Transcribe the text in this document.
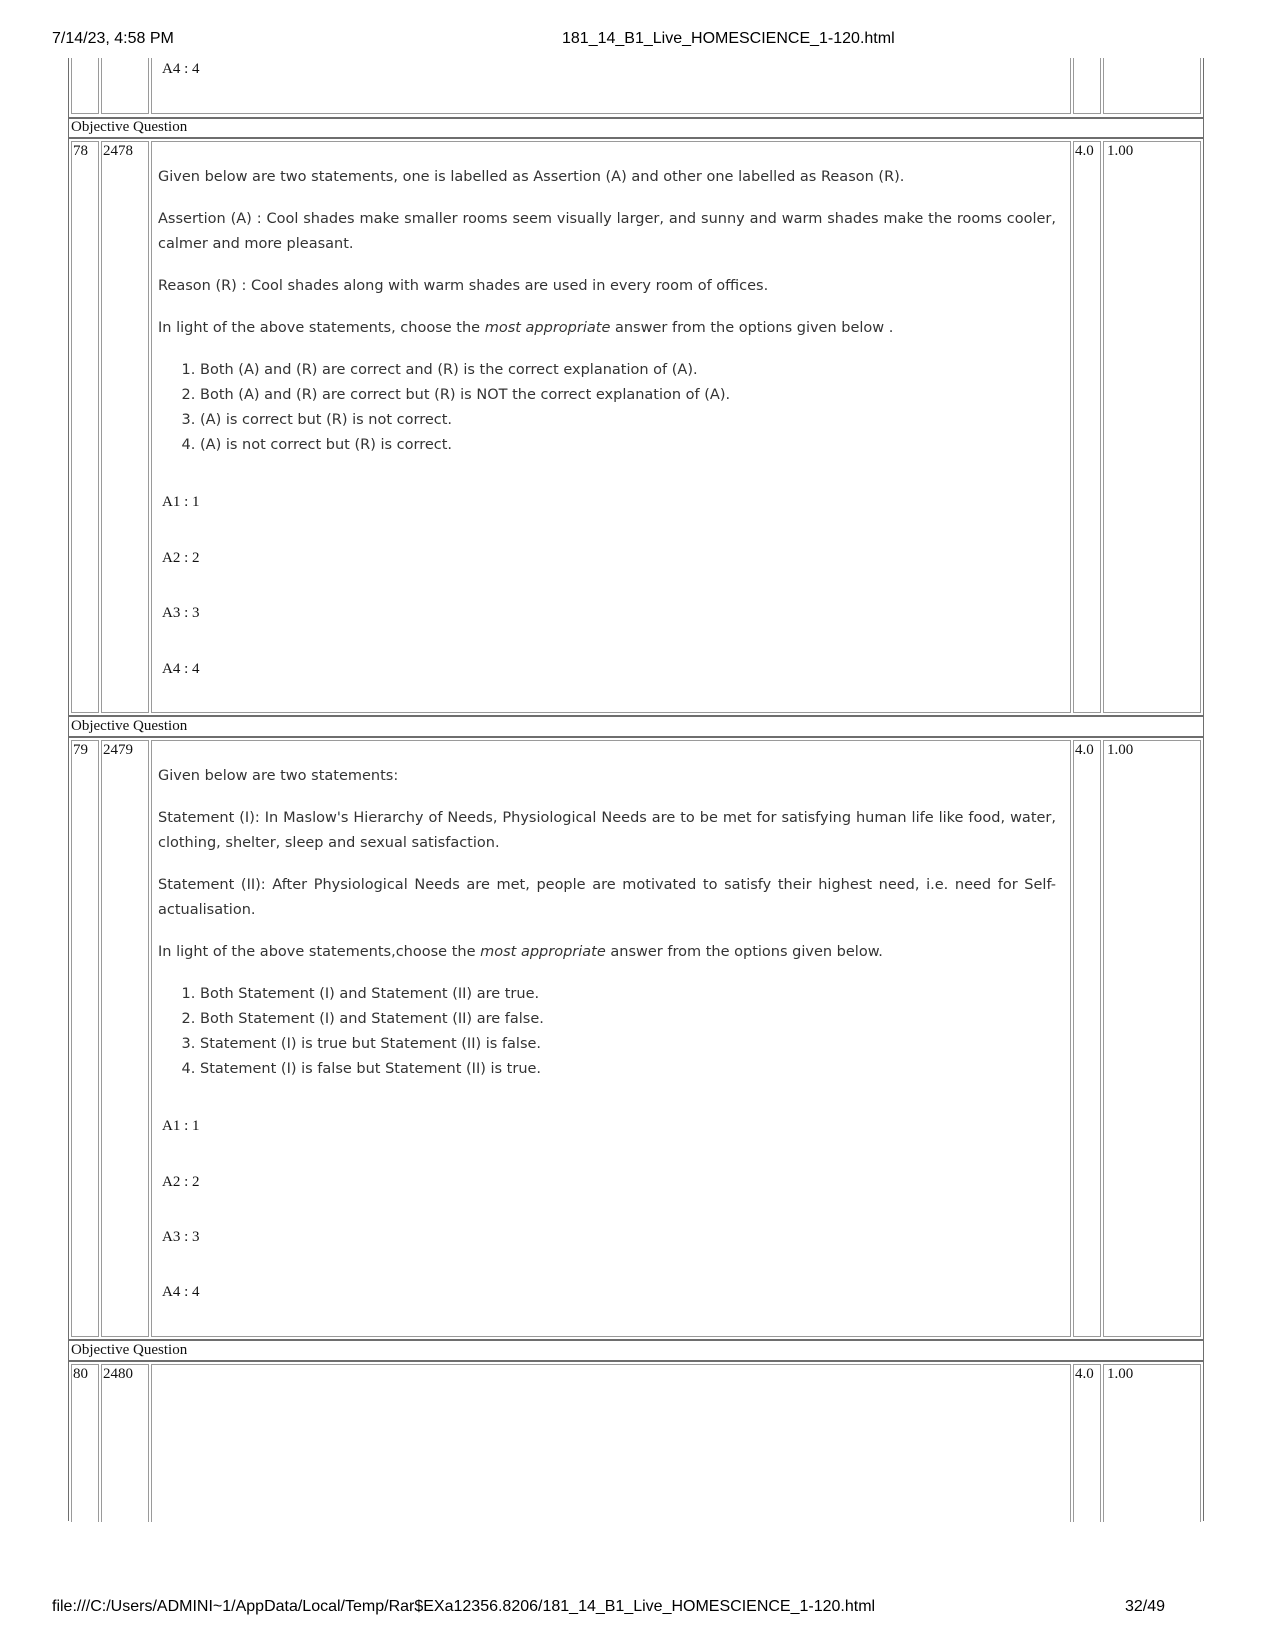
7/14/23, 4:58 PM	181_14_B1_Live_HOMESCIENCE_1-120.html
A4 : 4
Objective Question
78 2478

Given below are two statements, one is labelled as Assertion (A) and other one labelled as Reason (R).

Assertion (A) : Cool shades make smaller rooms seem visually larger, and sunny and warm shades make the rooms cooler, calmer and more pleasant.

Reason (R) : Cool shades along with warm shades are used in every room of offices.

In light of the above statements, choose the most appropriate answer from the options given below .

1. Both (A) and (R) are correct and (R) is the correct explanation of (A).
2. Both (A) and (R) are correct but (R) is NOT the correct explanation of (A).
3. (A) is correct but (R) is not correct.
4. (A) is not correct but (R) is correct.
A1 : 1
A2 : 2
A3 : 3
A4 : 4
4.0 1.00
Objective Question
79 2479

Given below are two statements:

Statement (I): In Maslow's Hierarchy of Needs, Physiological Needs are to be met for satisfying human life like food, water, clothing, shelter, sleep and sexual satisfaction.

Statement (II): After Physiological Needs are met, people are motivated to satisfy their highest need, i.e. need for Self-actualisation.

In light of the above statements,choose the most appropriate answer from the options given below.

1. Both Statement (I) and Statement (II) are true.
2. Both Statement (I) and Statement (II) are false.
3. Statement (I) is true but Statement (II) is false.
4. Statement (I) is false but Statement (II) is true.
A1 : 1
A2 : 2
A3 : 3
A4 : 4
4.0 1.00
Objective Question
80 2480	4.0 1.00
file:///C:/Users/ADMINI~1/AppData/Local/Temp/Rar$EXa12356.8206/181_14_B1_Live_HOMESCIENCE_1-120.html	32/49
